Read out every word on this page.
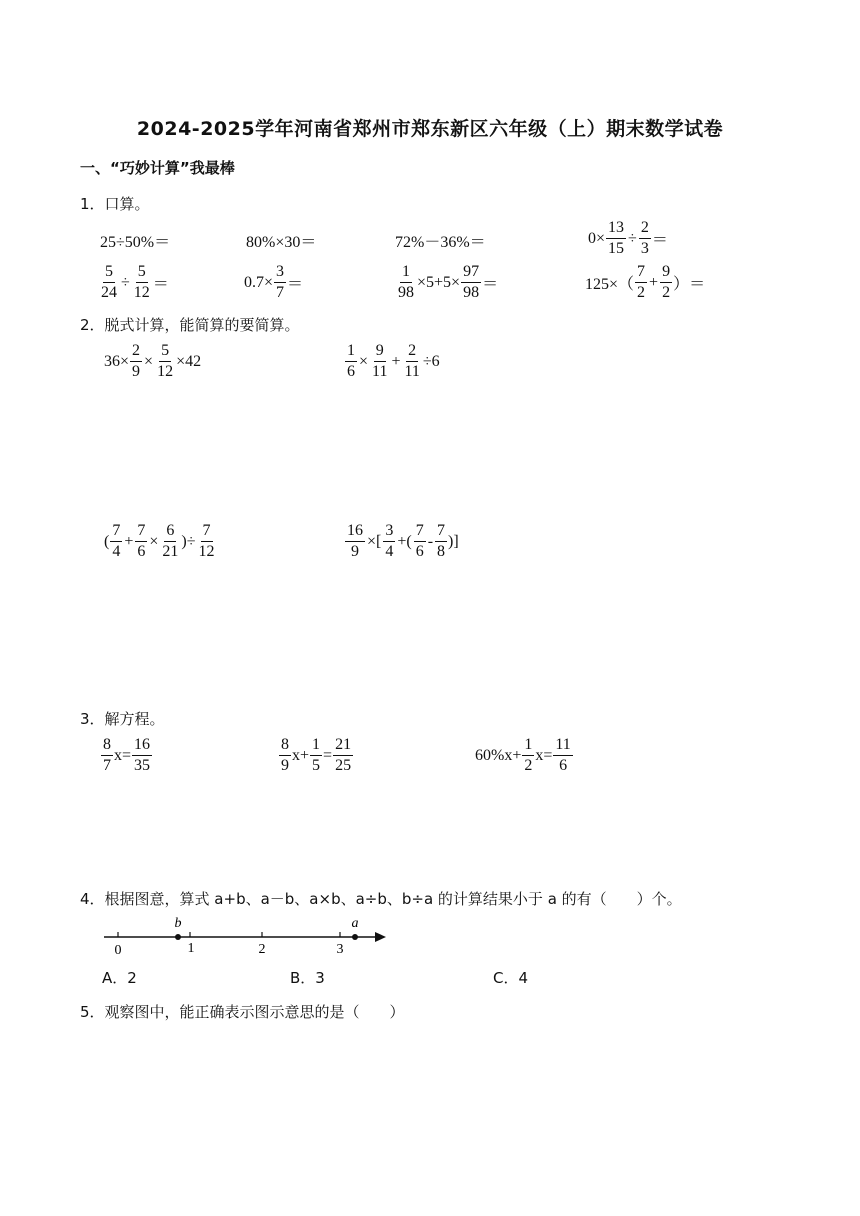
2024-2025学年河南省郑州市郑东新区六年级（上）期末数学试卷
一、“巧妙计算”我最棒
1．口算。
25÷50%＝	80%×30＝	72%－36%＝	$0\times \frac{13}{15} \div \frac{2}{3}$ ＝
$\frac{5}{24} \div \frac{5}{12}$ ＝	$0.7\times \frac{3}{7}$ ＝	$\frac{1}{98} \times 5+5\times \frac{97}{98}$ ＝	$125\times( \frac{7}{2} + \frac{9}{2}$ ）＝
2．脱式计算，能简算的要简算。
$36\times \frac{2}{9} \times \frac{5}{12} \times 42$	$\frac{1}{6} \times \frac{9}{11} + \frac{2}{11} \div 6$
( $\frac{7}{4} + \frac{7}{6} \times \frac{6}{21}$ )÷ $\frac{7}{12}$	$\frac{16}{9}$ ×[ $\frac{3}{4}$ +( $\frac{7}{6} - \frac{7}{8}$ )]
3．解方程。
$\frac{8}{7} x= \frac{16}{35}$	$\frac{8}{9} x+ \frac{1}{5} = \frac{21}{25}$	$60\%x+ \frac{1}{2} x= \frac{11}{6}$
4．根据图意，算式 a+b、a－b、a×b、a÷b、b÷a 的计算结果小于 a 的有（　　）个。
0	1	2	3
b	a
A．2	B．3	C．4
5．观察图中，能正确表示图示意思的是（　　）
